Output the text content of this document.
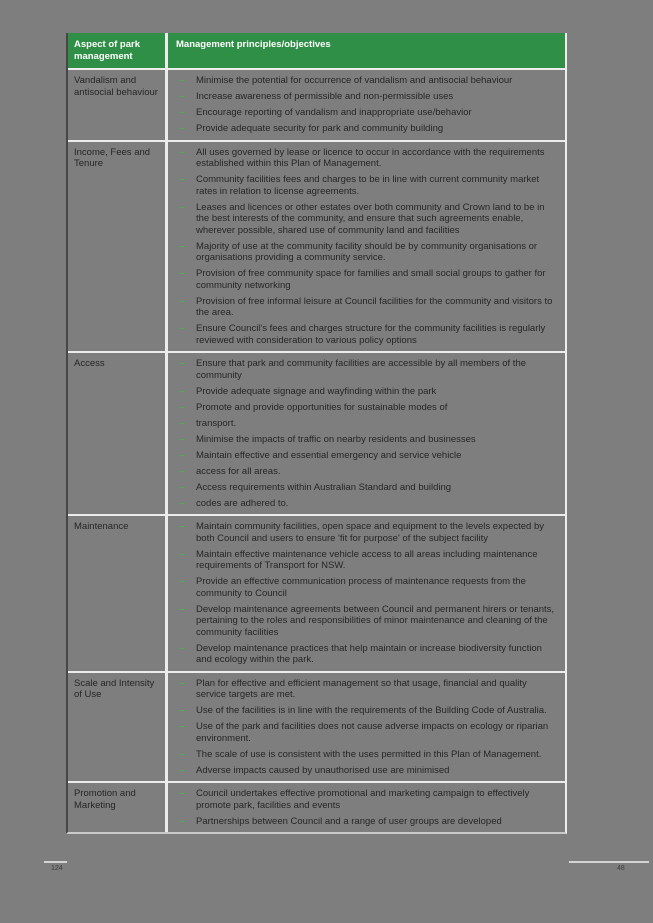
Aspect of park management
Management principles/objectives
Vandalism and antisocial behaviour
–	Minimise the potential for occurrence of vandalism and antisocial behaviour
–	Increase awareness of permissible and non-permissible uses
–	Encourage reporting of vandalism and inappropriate use/behavior
–	Provide adequate security for park and community building
Income, Fees and Tenure
–	All uses governed by lease or licence to occur in accordance with the requirements established within this Plan of Management.
–	Community facilities fees and charges to be in line with current community market rates in relation to license agreements.
–	Leases and licences or other estates over both community and Crown land to be in the best interests of the community, and ensure that such agreements enable, wherever possible, shared use of community land and facilities
–	Majority of use at the community facility should be by community organisations or organisations providing a community service.
–	Provision of free community space for families and small social groups to gather for community networking
–	Provision of free informal leisure at Council facilities for the community and visitors to the area.
–	Ensure Council's fees and charges structure for the community facilities is regularly reviewed with consideration to various policy options
Access	–	Ensure that park and community facilities are accessible by all members of the community
–	Provide adequate signage and wayfinding within the park
–	Promote and provide opportunities for sustainable modes of
–	transport.
–	Minimise the impacts of traffic on nearby residents and businesses
–	Maintain effective and essential emergency and service vehicle
–	access for all areas.
–	Access requirements within Australian Standard and building
–	codes are adhered to.
Maintenance	–	Maintain community facilities, open space and equipment to the levels expected by both Council and users to ensure 'fit for purpose' of the subject facility
–	Maintain effective maintenance vehicle access to all areas including maintenance requirements of Transport for NSW.
–	Provide an effective communication process of maintenance requests from the community to Council
–	Develop maintenance agreements between Council and permanent hirers or tenants, pertaining to the roles and responsibilities of minor maintenance and cleaning of the community facilities
–	Develop maintenance practices that help maintain or increase biodiversity function and ecology within the park.
Scale and Intensity of Use
–	Plan for effective and efficient management so that usage, financial and quality service targets are met.
–	Use of the facilities is in line with the requirements of the Building Code of Australia.
–	Use of the park and facilities does not cause adverse impacts on ecology or riparian environment.
–	The scale of use is consistent with the uses permitted in this Plan of Management.
–	Adverse impacts caused by unauthorised use are minimised
Promotion and Marketing
–	Council undertakes effective promotional and marketing campaign to effectively promote park, facilities and events
–	Partnerships between Council and a range of user groups are developed
124	48
